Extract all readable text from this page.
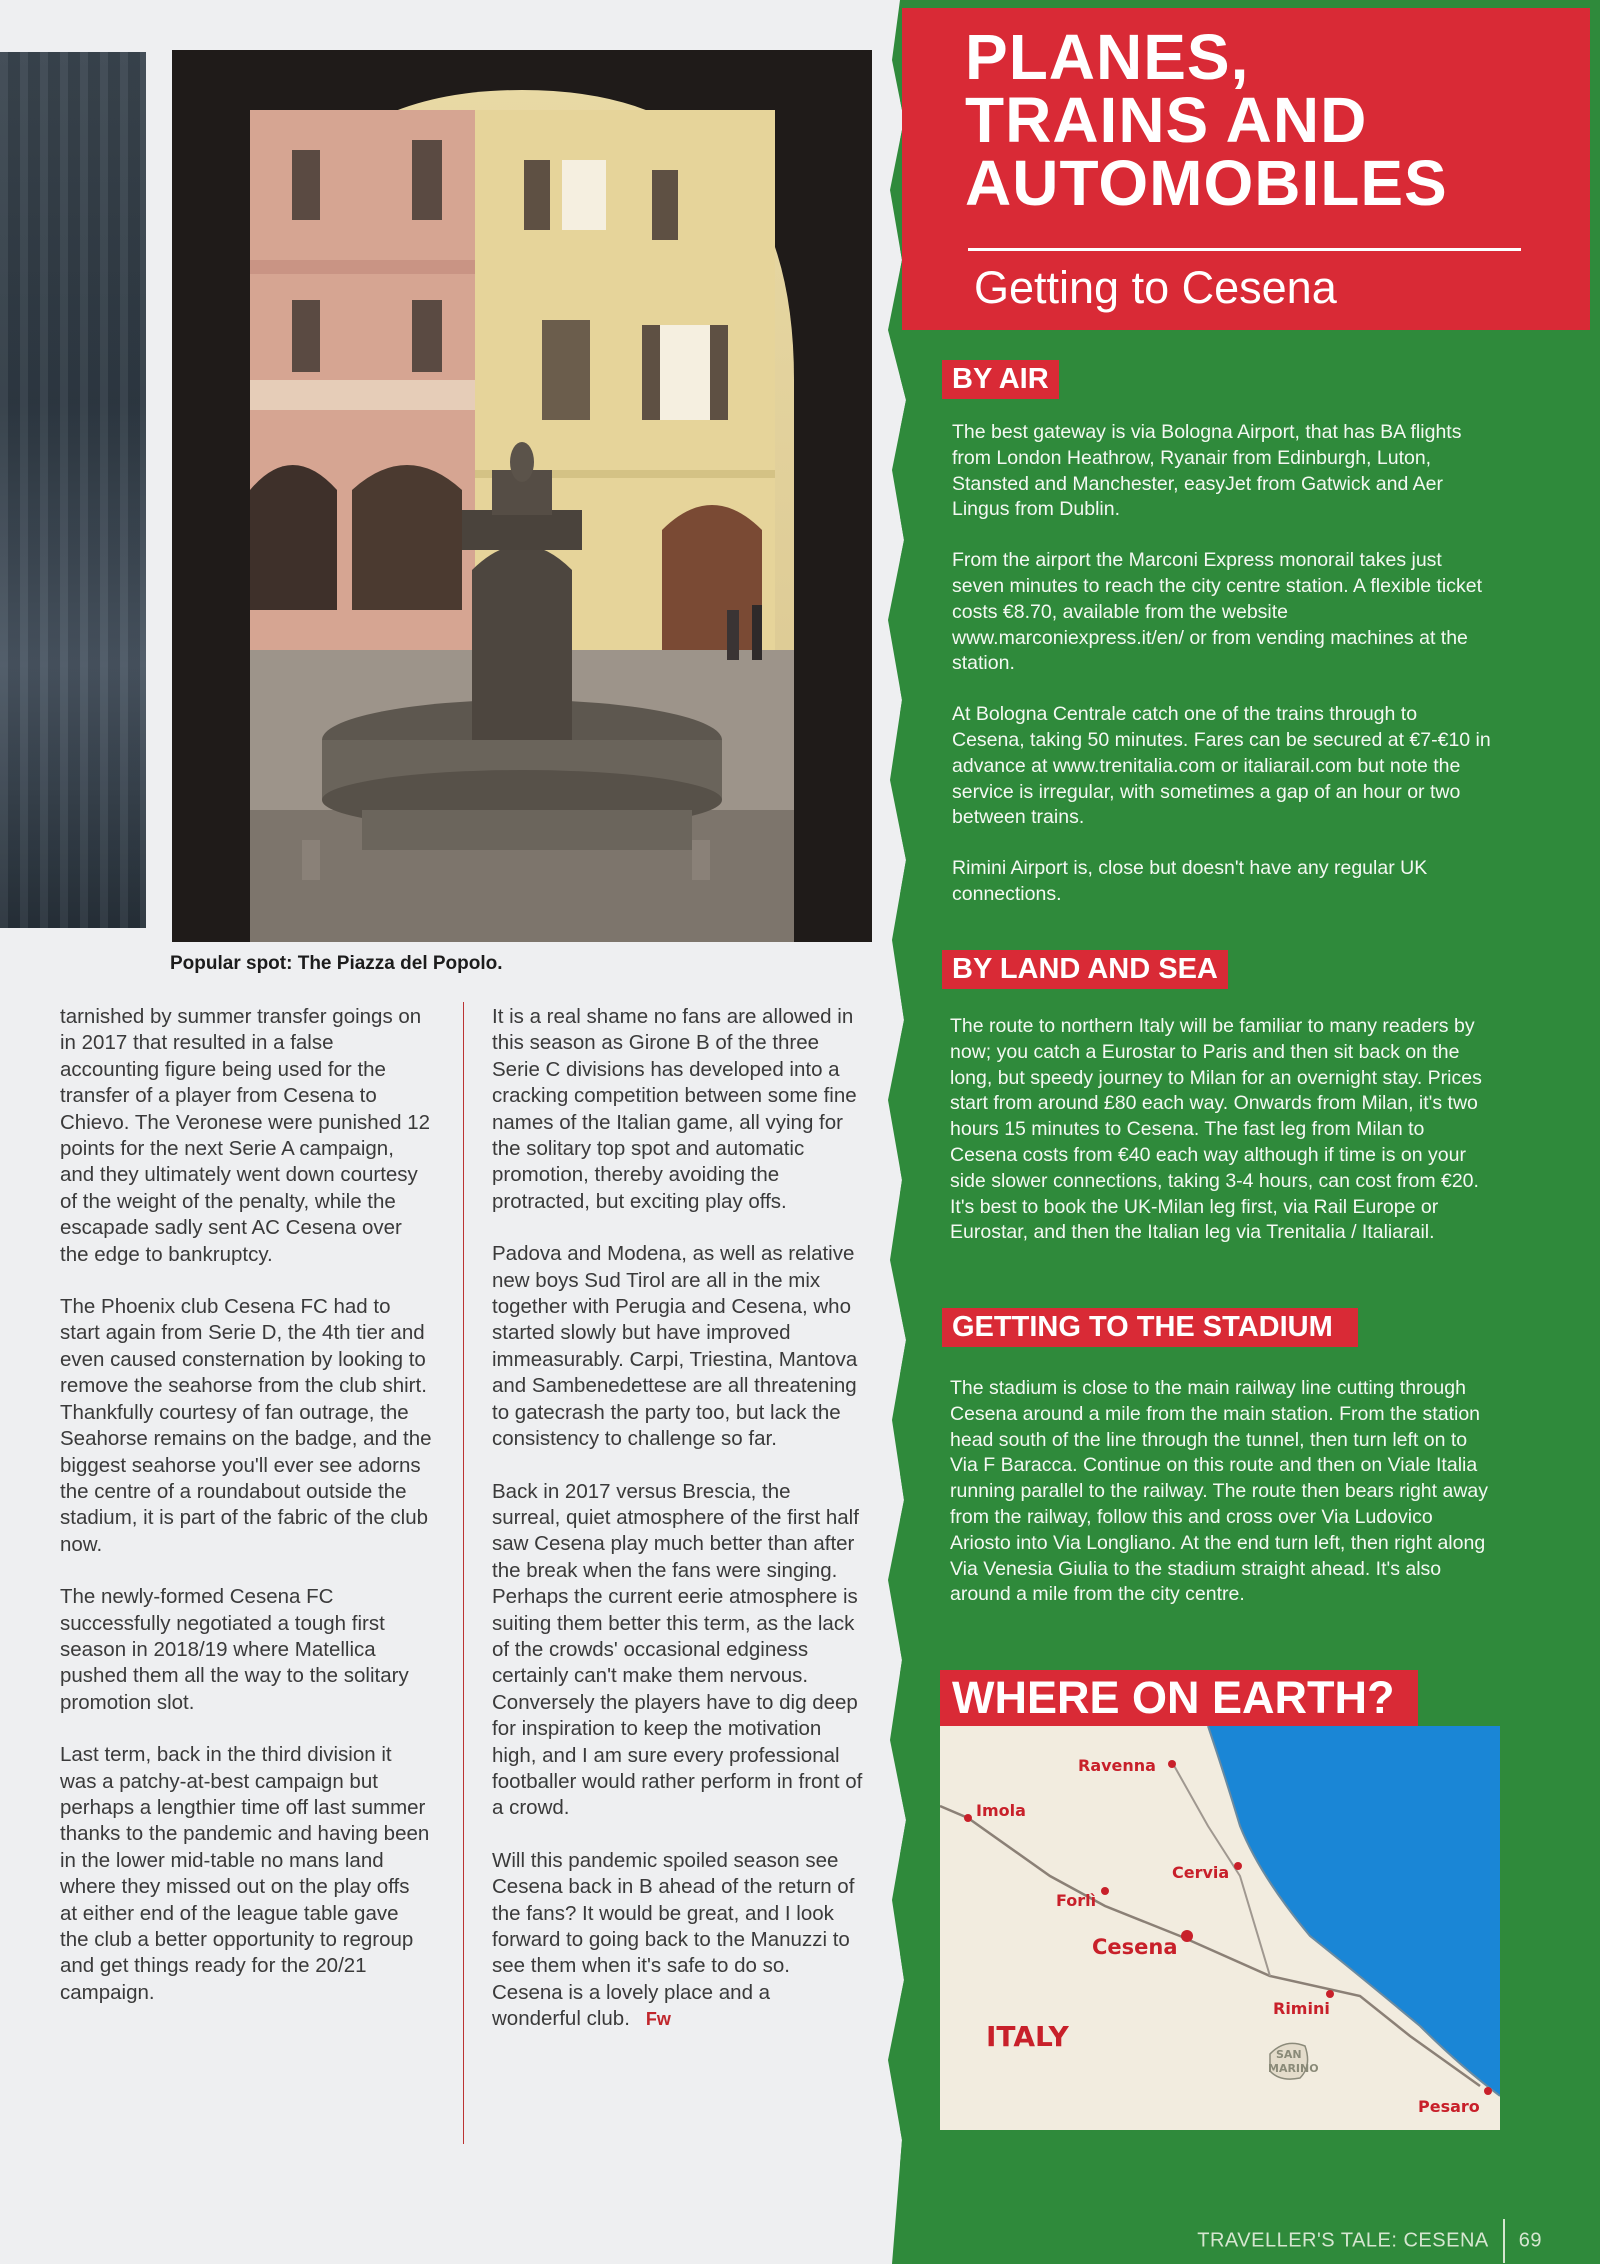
Popular spot: The Piazza del Popolo.

tarnished by summer transfer goings on in 2017 that resulted in a false accounting figure being used for the transfer of a player from Cesena to Chievo. The Veronese were punished 12 points for the next Serie A campaign, and they ultimately went down courtesy of the weight of the penalty, while the escapade sadly sent AC Cesena over the edge to bankruptcy.

The Phoenix club Cesena FC had to start again from Serie D, the 4th tier and even caused consternation by looking to remove the seahorse from the club shirt. Thankfully courtesy of fan outrage, the Seahorse remains on the badge, and the biggest seahorse you'll ever see adorns the centre of a roundabout outside the stadium, it is part of the fabric of the club now.

The newly-formed Cesena FC successfully negotiated a tough first season in 2018/19 where Matellica pushed them all the way to the solitary promotion slot.

Last term, back in the third division it was a patchy-at-best campaign but perhaps a lengthier time off last summer thanks to the pandemic and having been in the lower mid-table no mans land where they missed out on the play offs at either end of the league table gave the club a better opportunity to regroup and get things ready for the 20/21 campaign.

It is a real shame no fans are allowed in this season as Girone B of the three Serie C divisions has developed into a cracking competition between some fine names of the Italian game, all vying for the solitary top spot and automatic promotion, thereby avoiding the protracted, but exciting play offs.

Padova and Modena, as well as relative new boys Sud Tirol are all in the mix together with Perugia and Cesena, who started slowly but have improved immeasurably. Carpi, Triestina, Mantova and Sambenedettese are all threatening to gatecrash the party too, but lack the consistency to challenge so far.

Back in 2017 versus Brescia, the surreal, quiet atmosphere of the first half saw Cesena play much better than after the break when the fans were singing. Perhaps the current eerie atmosphere is suiting them better this term, as the lack of the crowds' occasional edginess certainly can't make them nervous. Conversely the players have to dig deep for inspiration to keep the motivation high, and I am sure every professional footballer would rather perform in front of a crowd.

Will this pandemic spoiled season see Cesena back in B ahead of the return of the fans? It would be great, and I look forward to going back to the Manuzzi to see them when it's safe to do so. Cesena is a lovely place and a wonderful club. Fw

PLANES,
TRAINS AND
AUTOMOBILES
Getting to Cesena
BY AIR

The best gateway is via Bologna Airport, that has BA flights from London Heathrow, Ryanair from Edinburgh, Luton, Stansted and Manchester, easyJet from Gatwick and Aer Lingus from Dublin.

From the airport the Marconi Express monorail takes just seven minutes to reach the city centre station. A flexible ticket costs €8.70, available from the website www.marconiexpress.it/en/ or from vending machines at the station.

At Bologna Centrale catch one of the trains through to Cesena, taking 50 minutes. Fares can be secured at €7-€10 in advance at www.trenitalia.com or italiarail.com but note the service is irregular, with sometimes a gap of an hour or two between trains.

Rimini Airport is, close but doesn't have any regular UK connections.

BY LAND AND SEA

The route to northern Italy will be familiar to many readers by now; you catch a Eurostar to Paris and then sit back on the long, but speedy journey to Milan for an overnight stay. Prices start from around £80 each way. Onwards from Milan, it's two hours 15 minutes to Cesena. The fast leg from Milan to Cesena costs from €40 each way although if time is on your side slower connections, taking 3-4 hours, can cost from €20. It's best to book the UK-Milan leg first, via Rail Europe or Eurostar, and then the Italian leg via Trenitalia / Italiarail.

GETTING TO THE STADIUM

The stadium is close to the main railway line cutting through Cesena around a mile from the main station. From the station head south of the line through the tunnel, then turn left on to Via F Baracca. Continue on this route and then on Viale Italia running parallel to the railway. The route then bears right away from the railway, follow this and cross over Via Ludovico Ariosto into Via Longliano. At the end turn left, then right along Via Venesia Giulia to the stadium straight ahead. It's also around a mile from the city centre.

WHERE ON EARTH?
Ravenna
Imola
Cervia
Forlì
Cesena
Rimini
ITALY
Pesaro
SAN
MARINO
TRAVELLER'S TALE: CESENA 69
